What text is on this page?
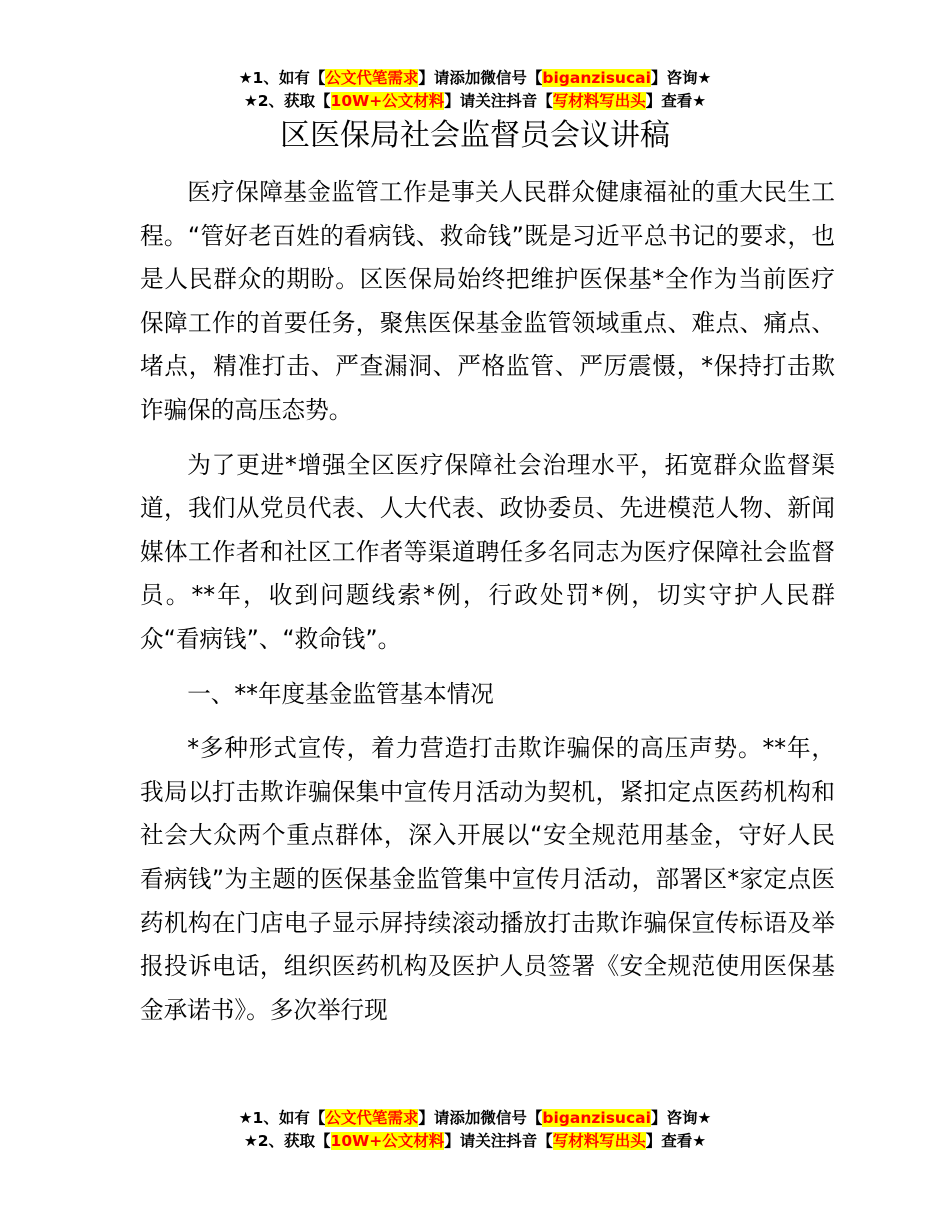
★1、如有【公文代笔需求】请添加微信号【biganzisucai】咨询★
★2、获取【10W+公文材料】请关注抖音【写材料写出头】查看★
区医保局社会监督员会议讲稿

医疗保障基金监管工作是事关人民群众健康福祉的重大民生工程。“管好老百姓的看病钱、救命钱”既是习近平总书记的要求，也是人民群众的期盼。区医保局始终把维护医保基*全作为当前医疗保障工作的首要任务，聚焦医保基金监管领域重点、难点、痛点、堵点，精准打击、严查漏洞、严格监管、严厉震慑，*保持打击欺诈骗保的高压态势。

为了更进*增强全区医疗保障社会治理水平，拓宽群众监督渠道，我们从党员代表、人大代表、政协委员、先进模范人物、新闻媒体工作者和社区工作者等渠道聘任多名同志为医疗保障社会监督员。**年，收到问题线索*例，行政处罚*例，切实守护人民群众“看病钱”、“救命钱”。

一、**年度基金监管基本情况

*多种形式宣传，着力营造打击欺诈骗保的高压声势。**年，我局以打击欺诈骗保集中宣传月活动为契机，紧扣定点医药机构和社会大众两个重点群体，深入开展以“安全规范用基金，守好人民看病钱”为主题的医保基金监管集中宣传月活动，部署区*家定点医药机构在门店电子显示屏持续滚动播放打击欺诈骗保宣传标语及举报投诉电话，组织医药机构及医护人员签署《安全规范使用医保基金承诺书》。多次举行现

★1、如有【公文代笔需求】请添加微信号【biganzisucai】咨询★
★2、获取【10W+公文材料】请关注抖音【写材料写出头】查看★
